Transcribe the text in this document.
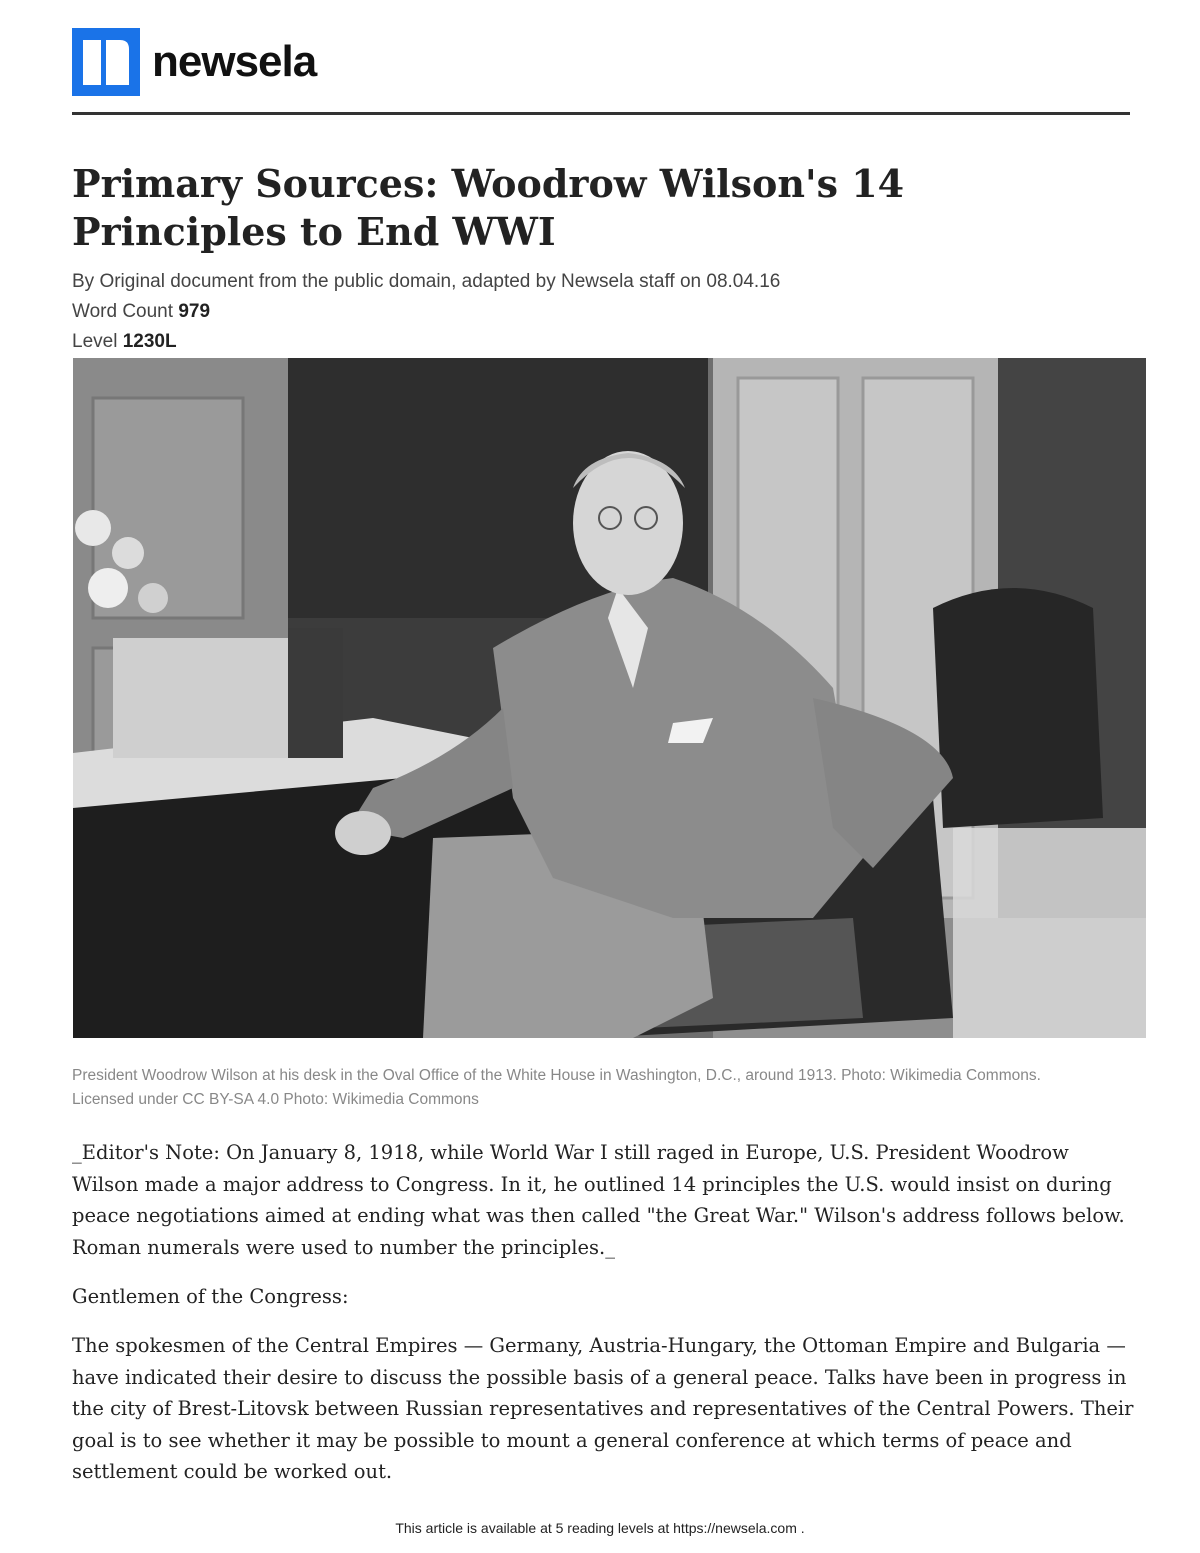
newsela
Primary Sources: Woodrow Wilson's 14 Principles to End WWI

By Original document from the public domain, adapted by Newsela staff on 08.04.16

Word Count 979

Level 1230L

President Woodrow Wilson at his desk in the Oval Office of the White House in Washington, D.C., around 1913. Photo: Wikimedia Commons. Licensed under CC BY-SA 4.0 Photo: Wikimedia Commons

_Editor's Note: On January 8, 1918, while World War I still raged in Europe, U.S. President Woodrow Wilson made a major address to Congress. In it, he outlined 14 principles the U.S. would insist on during peace negotiations aimed at ending what was then called "the Great War." Wilson's address follows below. Roman numerals were used to number the principles._

Gentlemen of the Congress:

The spokesmen of the Central Empires — Germany, Austria-Hungary, the Ottoman Empire and Bulgaria — have indicated their desire to discuss the possible basis of a general peace. Talks have been in progress in the city of Brest-Litovsk between Russian representatives and representatives of the Central Powers. Their goal is to see whether it may be possible to mount a general conference at which terms of peace and settlement could be worked out.

This article is available at 5 reading levels at https://newsela.com .
